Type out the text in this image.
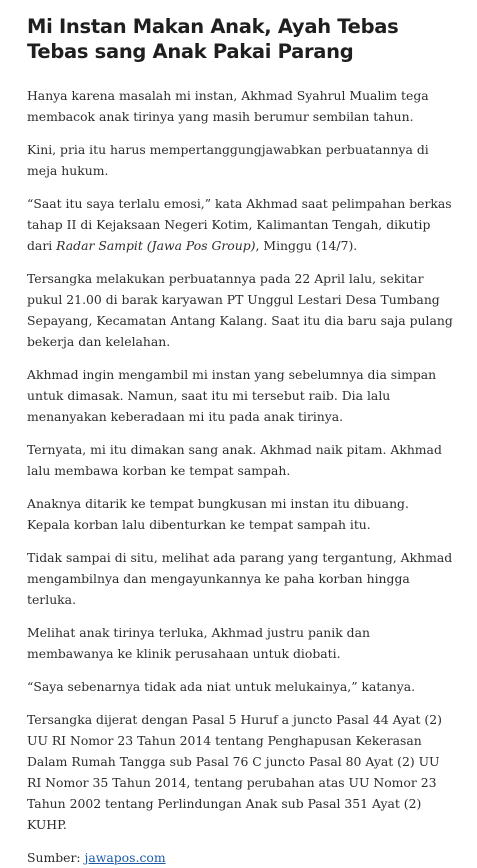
Mi Instan Makan Anak, Ayah Tebas Tebas sang Anak Pakai Parang

Hanya karena masalah mi instan, Akhmad Syahrul Mualim tega membacok anak tirinya yang masih berumur sembilan tahun.

Kini, pria itu harus mempertanggungjawabkan perbuatannya di meja hukum.

“Saat itu saya terlalu emosi,” kata Akhmad saat pelimpahan berkas tahap II di Kejaksaan Negeri Kotim, Kalimantan Tengah, dikutip dari Radar Sampit (Jawa Pos Group), Minggu (14/7).

Tersangka melakukan perbuatannya pada 22 April lalu, sekitar pukul 21.00 di barak karyawan PT Unggul Lestari Desa Tumbang Sepayang, Kecamatan Antang Kalang. Saat itu dia baru saja pulang bekerja dan kelelahan.

Akhmad ingin mengambil mi instan yang sebelumnya dia simpan untuk dimasak. Namun, saat itu mi tersebut raib. Dia lalu menanyakan keberadaan mi itu pada anak tirinya.

Ternyata, mi itu dimakan sang anak. Akhmad naik pitam. Akhmad lalu membawa korban ke tempat sampah.

Anaknya ditarik ke tempat bungkusan mi instan itu dibuang. Kepala korban lalu dibenturkan ke tempat sampah itu.

Tidak sampai di situ, melihat ada parang yang tergantung, Akhmad mengambilnya dan mengayunkannya ke paha korban hingga terluka.

Melihat anak tirinya terluka, Akhmad justru panik dan membawanya ke klinik perusahaan untuk diobati.

“Saya sebenarnya tidak ada niat untuk melukainya,” katanya.

Tersangka dijerat dengan Pasal 5 Huruf a juncto Pasal 44 Ayat (2) UU RI Nomor 23 Tahun 2014 tentang Penghapusan Kekerasan Dalam Rumah Tangga sub Pasal 76 C juncto Pasal 80 Ayat (2) UU RI Nomor 35 Tahun 2014, tentang perubahan atas UU Nomor 23 Tahun 2002 tentang Perlindungan Anak sub Pasal 351 Ayat (2) KUHP.

Sumber: jawapos.com
